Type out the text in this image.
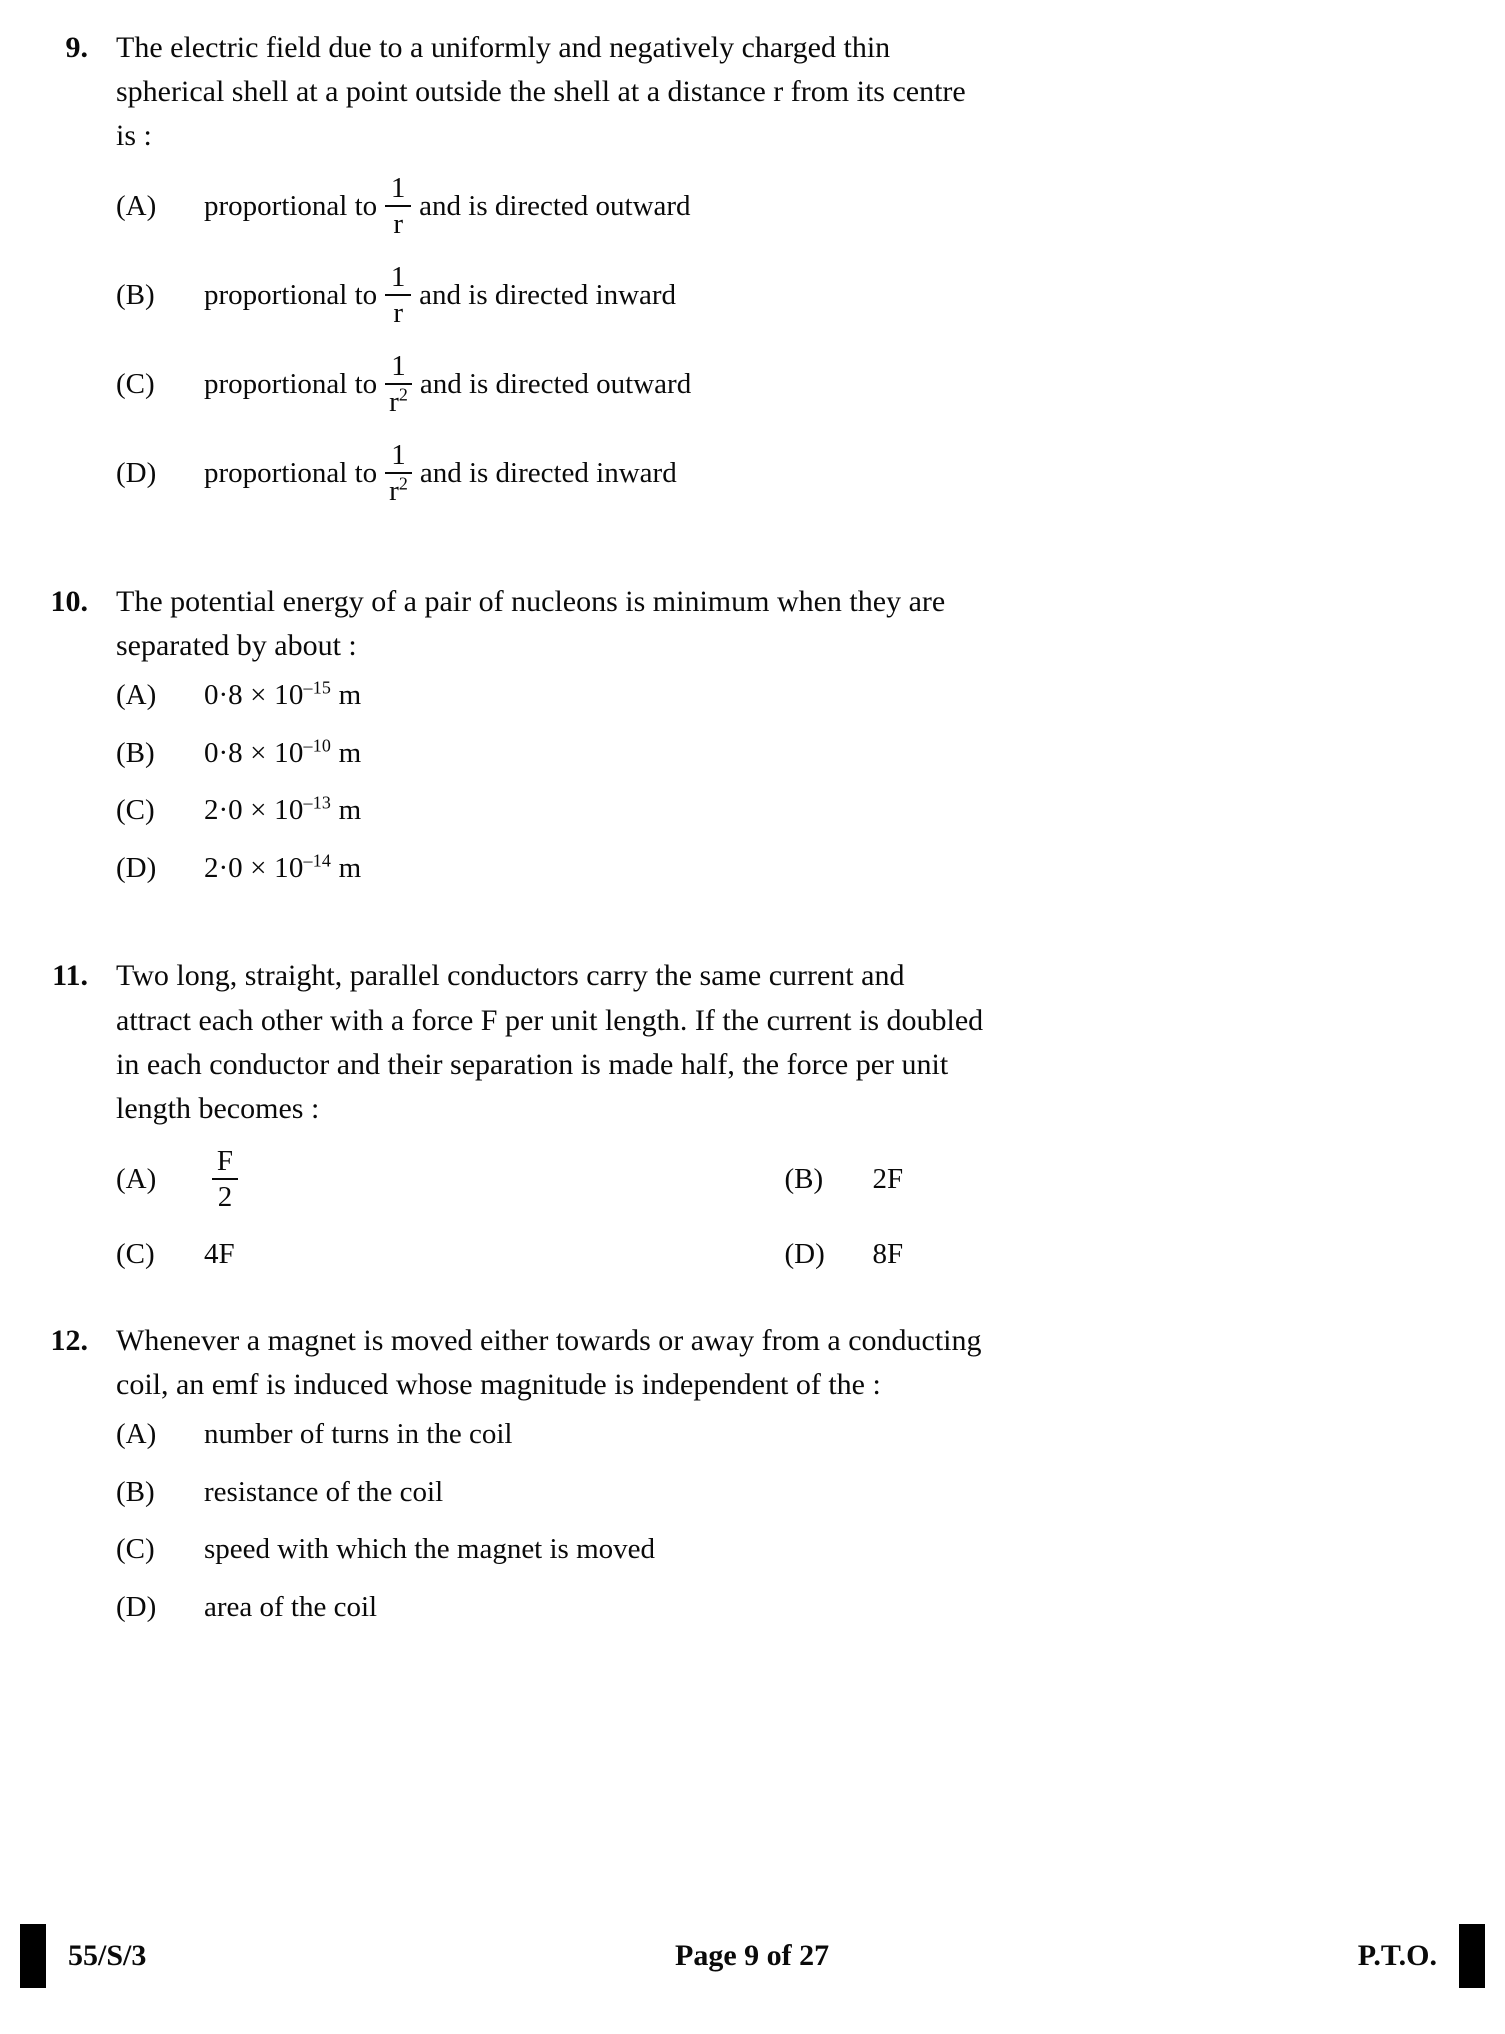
9. The electric field due to a uniformly and negatively charged thin

spherical shell at a point outside the shell at a distance r from its centre

is :

(A)	proportional to $\frac{1}{r}$ and is directed outward
(B)	proportional to $\frac{1}{r}$ and is directed inward
(C)	proportional to $\frac{1}{r^2}$ and is directed outward
(D)	proportional to $\frac{1}{r^2}$ and is directed inward
10. The potential energy of a pair of nucleons is minimum when they are

separated by about :

(A)	$0\cdot 8 \times 10^{-15}$ m
(B)	$0\cdot 8 \times 10^{-10}$ m
(C)	$2\cdot 0 \times 10^{-13}$ m
(D)	$2\cdot 0 \times 10^{-14}$ m
11. Two long, straight, parallel conductors carry the same current and

attract each other with a force F per unit length. If the current is doubled

in each conductor and their separation is made half, the force per unit

length becomes :

(A)	$\frac{F}{2}$	(B)	2F
(C)	4F	(D)	8F
12. Whenever a magnet is moved either towards or away from a conducting

coil, an emf is induced whose magnitude is independent of the :

(A)	number of turns in the coil
(B)	resistance of the coil
(C)	speed with which the magnet is moved
(D)	area of the coil
55/S/3	Page 9 of 27	P.T.O.
